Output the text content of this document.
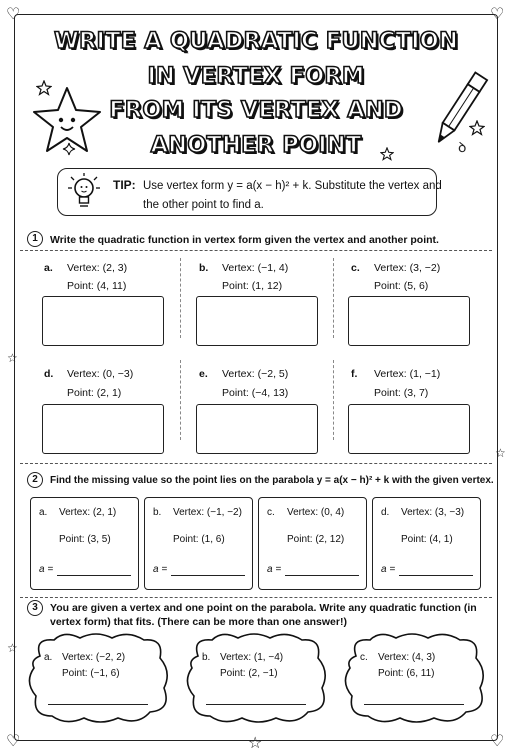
♡	♡
♡	♡
☆
☆
☆
☆
WRITE A QUADRATIC FUNCTION
IN VERTEX FORM
FROM ITS VERTEX AND
ANOTHER POINT	ꝺ
TIP: Use vertex form y = a(x − h)² + k. Substitute the vertex and
the other point to find a.
1	Write the quadratic function in vertex form given the vertex and another point.
a. Vertex: (2, 3)
Point: (4, 11)
b. Vertex: (−1, 4)
Point: (1, 12)
c. Vertex: (3, −2)
Point: (5, 6)
d. Vertex: (0, −3)
Point: (2, 1)
e. Vertex: (−2, 5)
Point: (−4, 13)
f. Vertex: (1, −1)
Point: (3, 7)
2	Find the missing value so the point lies on the parabola y = a(x − h)² + k with the given vertex.
a. Vertex: (2, 1)
Point: (3, 5)
a =
b. Vertex: (−1, −2)
Point: (1, 6)
a =
c. Vertex: (0, 4)
Point: (2, 12)
a =
d. Vertex: (3, −3)
Point: (4, 1)
a =
3	You are given a vertex and one point on the parabola. Write any quadratic function (in
vertex form) that fits. (There can be more than one answer!)
a. Vertex: (−2, 2)
Point: (−1, 6)
b. Vertex: (1, −4)
Point: (2, −1)
c. Vertex: (4, 3)
Point: (6, 11)
